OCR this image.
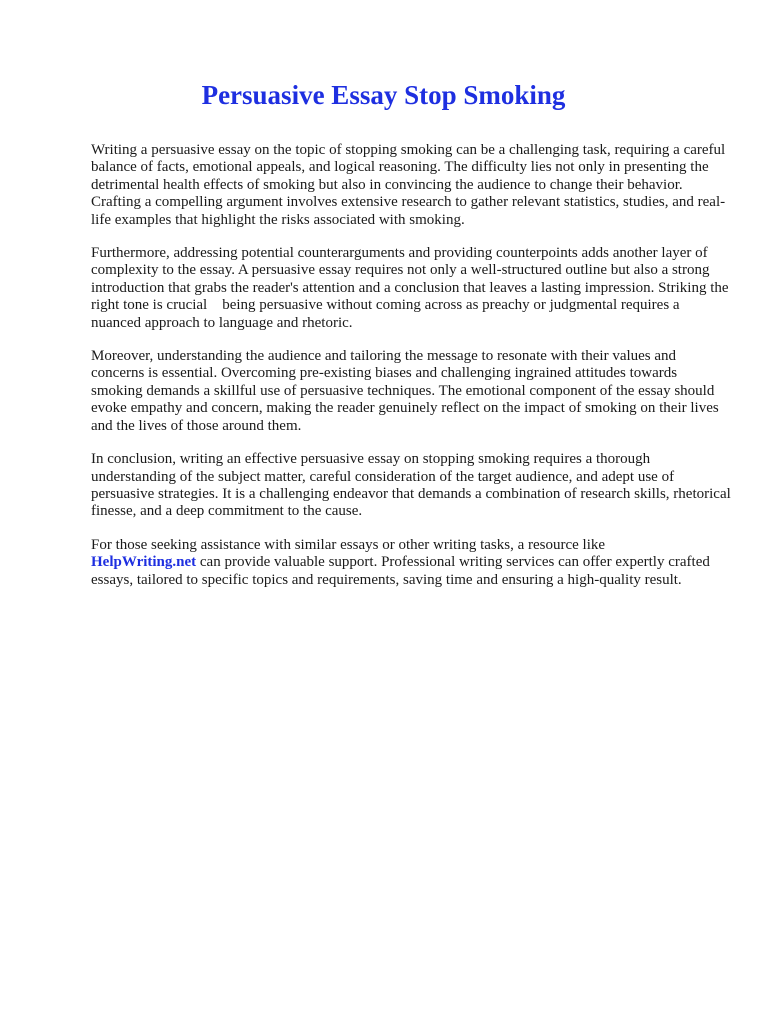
Persuasive Essay Stop Smoking

Writing a persuasive essay on the topic of stopping smoking can be a challenging task, requiring a careful balance of facts, emotional appeals, and logical reasoning. The difficulty lies not only in presenting the detrimental health effects of smoking but also in convincing the audience to change their behavior. Crafting a compelling argument involves extensive research to gather relevant statistics, studies, and real-life examples that highlight the risks associated with smoking.

Furthermore, addressing potential counterarguments and providing counterpoints adds another layer of complexity to the essay. A persuasive essay requires not only a well-structured outline but also a strong introduction that grabs the reader's attention and a conclusion that leaves a lasting impression. Striking the right tone is crucial    being persuasive without coming across as preachy or judgmental requires a nuanced approach to language and rhetoric.

Moreover, understanding the audience and tailoring the message to resonate with their values and concerns is essential. Overcoming pre-existing biases and challenging ingrained attitudes towards smoking demands a skillful use of persuasive techniques. The emotional component of the essay should evoke empathy and concern, making the reader genuinely reflect on the impact of smoking on their lives and the lives of those around them.

In conclusion, writing an effective persuasive essay on stopping smoking requires a thorough understanding of the subject matter, careful consideration of the target audience, and adept use of persuasive strategies. It is a challenging endeavor that demands a combination of research skills, rhetorical finesse, and a deep commitment to the cause.

For those seeking assistance with similar essays or other writing tasks, a resource like
HelpWriting.net can provide valuable support. Professional writing services can offer expertly crafted essays, tailored to specific topics and requirements, saving time and ensuring a high-quality result.
